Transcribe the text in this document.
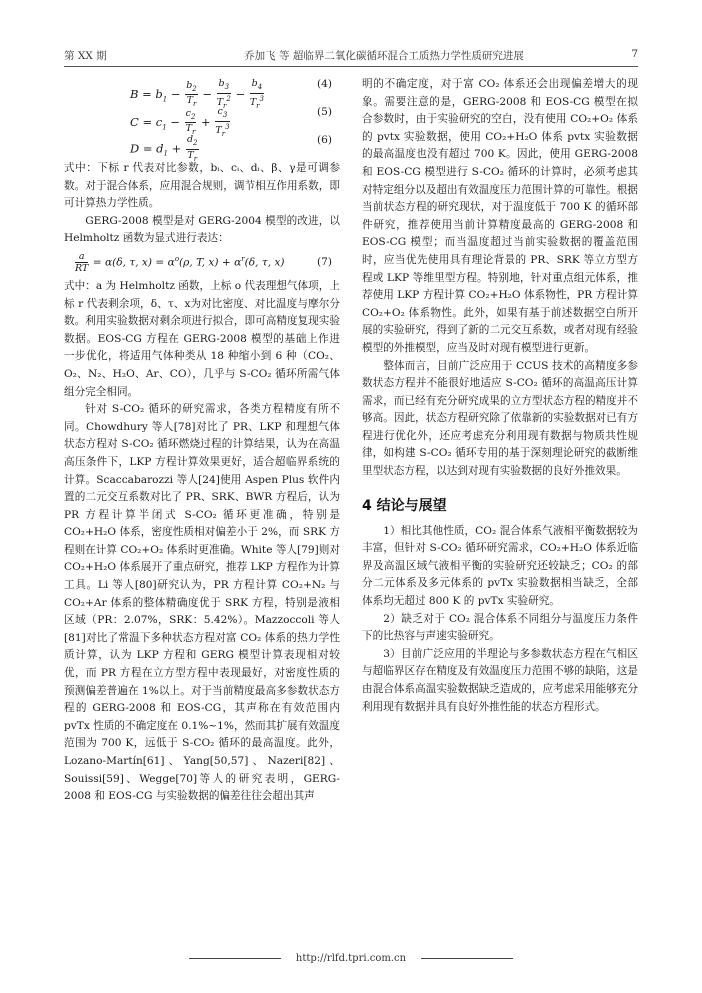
第 XX 期	乔加飞 等 超临界二氧化碳循环混合工质热力学性质研究进展	7
$B = b_1 - \frac{b_2}{T_r} - \frac{b_3}{T_r^2} - \frac{b_4}{T_r^3}$	(4)
$C = c_1 - \frac{c_2}{T_r} + \frac{c_3}{T_r^3}$	(5)
$D = d_1 + \frac{d_2}{T_r}$	(6)

式中：下标 r 代表对比参数，bᵢ、cᵢ、dᵢ、β、γ是可调参数。对于混合体系，应用混合规则，调节相互作用系数，即可计算热力学性质。

GERG-2008 模型是对 GERG-2004 模型的改进，以 Helmholtz 函数为显式进行表达：

$\frac{a}{RT} = \alpha(\delta$, τ, $x) = \alpha^o(\rho$, T, $x) + \alpha^r(\delta$, τ, x)	(7)

式中：a 为 Helmholtz 函数，上标 o 代表理想气体项，上标 r 代表剩余项，δ、τ、x为对比密度、对比温度与摩尔分数。利用实验数据对剩余项进行拟合，即可高精度复现实验数据。EOS-CG 方程在 GERG-2008 模型的基础上作进一步优化，将适用气体种类从 18 种缩小到 6 种（CO₂、O₂、N₂、H₂O、Ar、CO），几乎与 S-CO₂ 循环所需气体组分完全相同。

针对 S-CO₂ 循环的研究需求，各类方程精度有所不同。Chowdhury 等人[78]对比了 PR、LKP 和理想气体状态方程对 S-CO₂ 循环燃烧过程的计算结果，认为在高温高压条件下，LKP 方程计算效果更好，适合超临界系统的计算。Scaccabarozzi 等人[24]使用 Aspen Plus 软件内置的二元交互系数对比了 PR、SRK、BWR 方程后，认为 PR 方程计算半闭式 S-CO₂ 循环更准确，特别是 CO₂+H₂O 体系，密度性质相对偏差小于 2%，而 SRK 方程则在计算 CO₂+O₂ 体系时更准确。White 等人[79]则对 CO₂+H₂O 体系展开了重点研究，推荐 LKP 方程作为计算工具。Li 等人[80]研究认为，PR 方程计算 CO₂+N₂ 与 CO₂+Ar 体系的整体精确度优于 SRK 方程，特别是液相区域（PR：2.07%，SRK：5.42%）。Mazzoccoli 等人[81]对比了常温下多种状态方程对富 CO₂ 体系的热力学性质计算，认为 LKP 方程和 GERG 模型计算表现相对较优，而 PR 方程在立方型方程中表现最好，对密度性质的预测偏差普遍在 1%以上。对于当前精度最高多参数状态方程的 GERG-2008 和 EOS-CG，其声称在有效范围内 pvTx 性质的不确定度在 0.1%~1%，然而其扩展有效温度范围为 700 K，远低于 S-CO₂ 循环的最高温度。此外，Lozano-Martín[61]、Yang[50,57]、Nazeri[82]、Souissi[59]、Wegge[70]等人的研究表明，GERG-2008 和 EOS-CG 与实验数据的偏差往往会超出其声

明的不确定度，对于富 CO₂ 体系还会出现偏差增大的现象。需要注意的是，GERG-2008 和 EOS-CG 模型在拟合参数时，由于实验研究的空白，没有使用 CO₂+O₂ 体系的 pvtx 实验数据，使用 CO₂+H₂O 体系 pvtx 实验数据的最高温度也没有超过 700 K。因此，使用 GERG-2008 和 EOS-CG 模型进行 S-CO₂ 循环的计算时，必须考虑其对特定组分以及超出有效温度压力范围计算的可靠性。根据当前状态方程的研究现状，对于温度低于 700 K 的循环部件研究，推荐使用当前计算精度最高的 GERG-2008 和 EOS-CG 模型；而当温度超过当前实验数据的覆盖范围时，应当优先使用具有理论背景的 PR、SRK 等立方型方程或 LKP 等维里型方程。特别地，针对重点组元体系，推荐使用 LKP 方程计算 CO₂+H₂O 体系物性，PR 方程计算 CO₂+O₂ 体系物性。此外，如果有基于前述数据空白所开展的实验研究，得到了新的二元交互系数，或者对现有经验模型的外推模型，应当及时对现有模型进行更新。

整体而言，目前广泛应用于 CCUS 技术的高精度多参数状态方程并不能很好地适应 S-CO₂ 循环的高温高压计算需求，而已经有充分研究成果的立方型状态方程的精度并不够高。因此，状态方程研究除了依靠新的实验数据对已有方程进行优化外，还应考虑充分利用现有数据与物质共性规律，如构建 S-CO₂ 循环专用的基于深刻理论研究的截断维里型状态方程，以达到对现有实验数据的良好外推效果。

4 结论与展望

1）相比其他性质，CO₂ 混合体系气液相平衡数据较为丰富，但针对 S-CO₂ 循环研究需求，CO₂+H₂O 体系近临界及高温区域气液相平衡的实验研究还较缺乏；CO₂ 的部分二元体系及多元体系的 pvTx 实验数据相当缺乏，全部体系均无超过 800 K 的 pvTx 实验研究。

2）缺乏对于 CO₂ 混合体系不同组分与温度压力条件下的比热容与声速实验研究。

3）目前广泛应用的半理论与多参数状态方程在气相区与超临界区存在精度及有效温度压力范围不够的缺陷，这是由混合体系高温实验数据缺乏造成的，应考虑采用能够充分利用现有数据并具有良好外推性能的状态方程形式。

http://rlfd.tpri.com.cn
